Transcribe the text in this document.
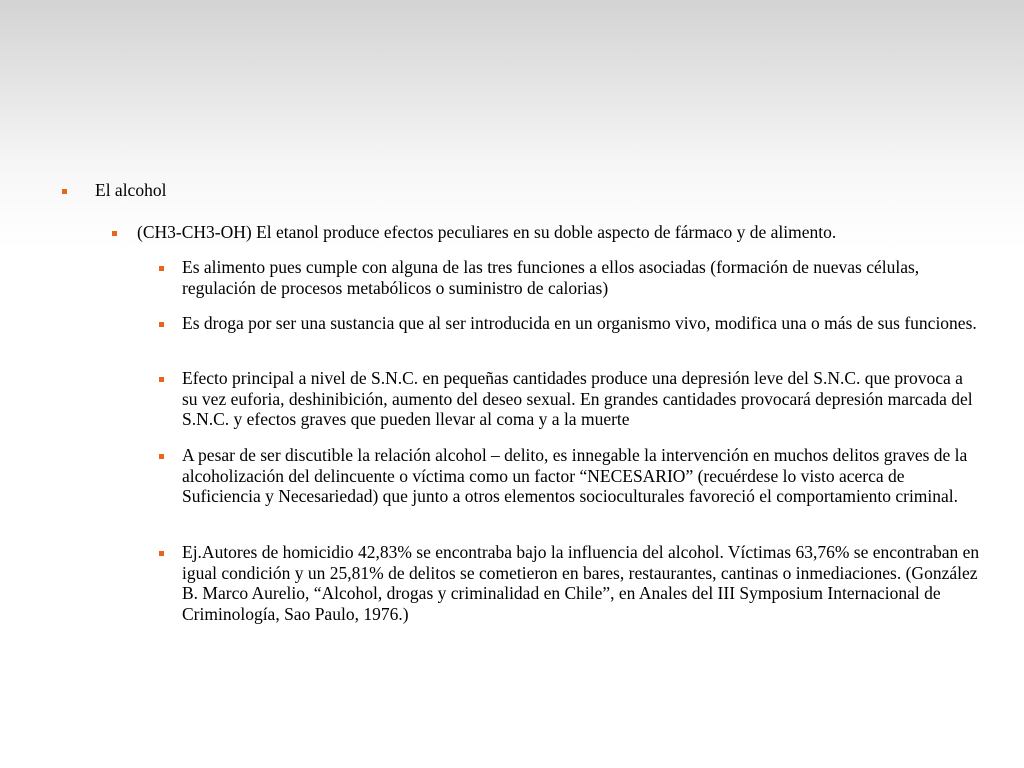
El alcohol
(CH3-CH3-OH) El etanol produce efectos peculiares en su doble aspecto de fármaco y de alimento.
Es alimento pues cumple con alguna de las tres funciones a ellos asociadas (formación de nuevas células, regulación de procesos metabólicos o suministro de calorias)
Es droga por ser una sustancia que al ser introducida en un organismo vivo, modifica una o más de sus funciones.
Efecto principal a nivel de S.N.C. en pequeñas cantidades produce una depresión leve del S.N.C. que provoca a su vez euforia, deshinibición, aumento del deseo sexual. En grandes cantidades provocará depresión marcada del S.N.C. y efectos graves que pueden llevar al coma y a la muerte
A pesar de ser discutible la relación alcohol – delito, es innegable la intervención en muchos delitos graves de la alcoholización del delincuente o víctima como un factor “NECESARIO” (recuérdese lo visto acerca de Suficiencia y Necesariedad) que junto a otros elementos socioculturales favoreció el comportamiento criminal.
Ej.Autores de homicidio 42,83% se encontraba bajo la influencia del alcohol. Víctimas 63,76% se encontraban en igual condición y un 25,81% de delitos se cometieron en bares, restaurantes, cantinas o inmediaciones. (González B. Marco Aurelio, “Alcohol, drogas y criminalidad en Chile”, en Anales del III Symposium Internacional de Criminología, Sao Paulo, 1976.)
